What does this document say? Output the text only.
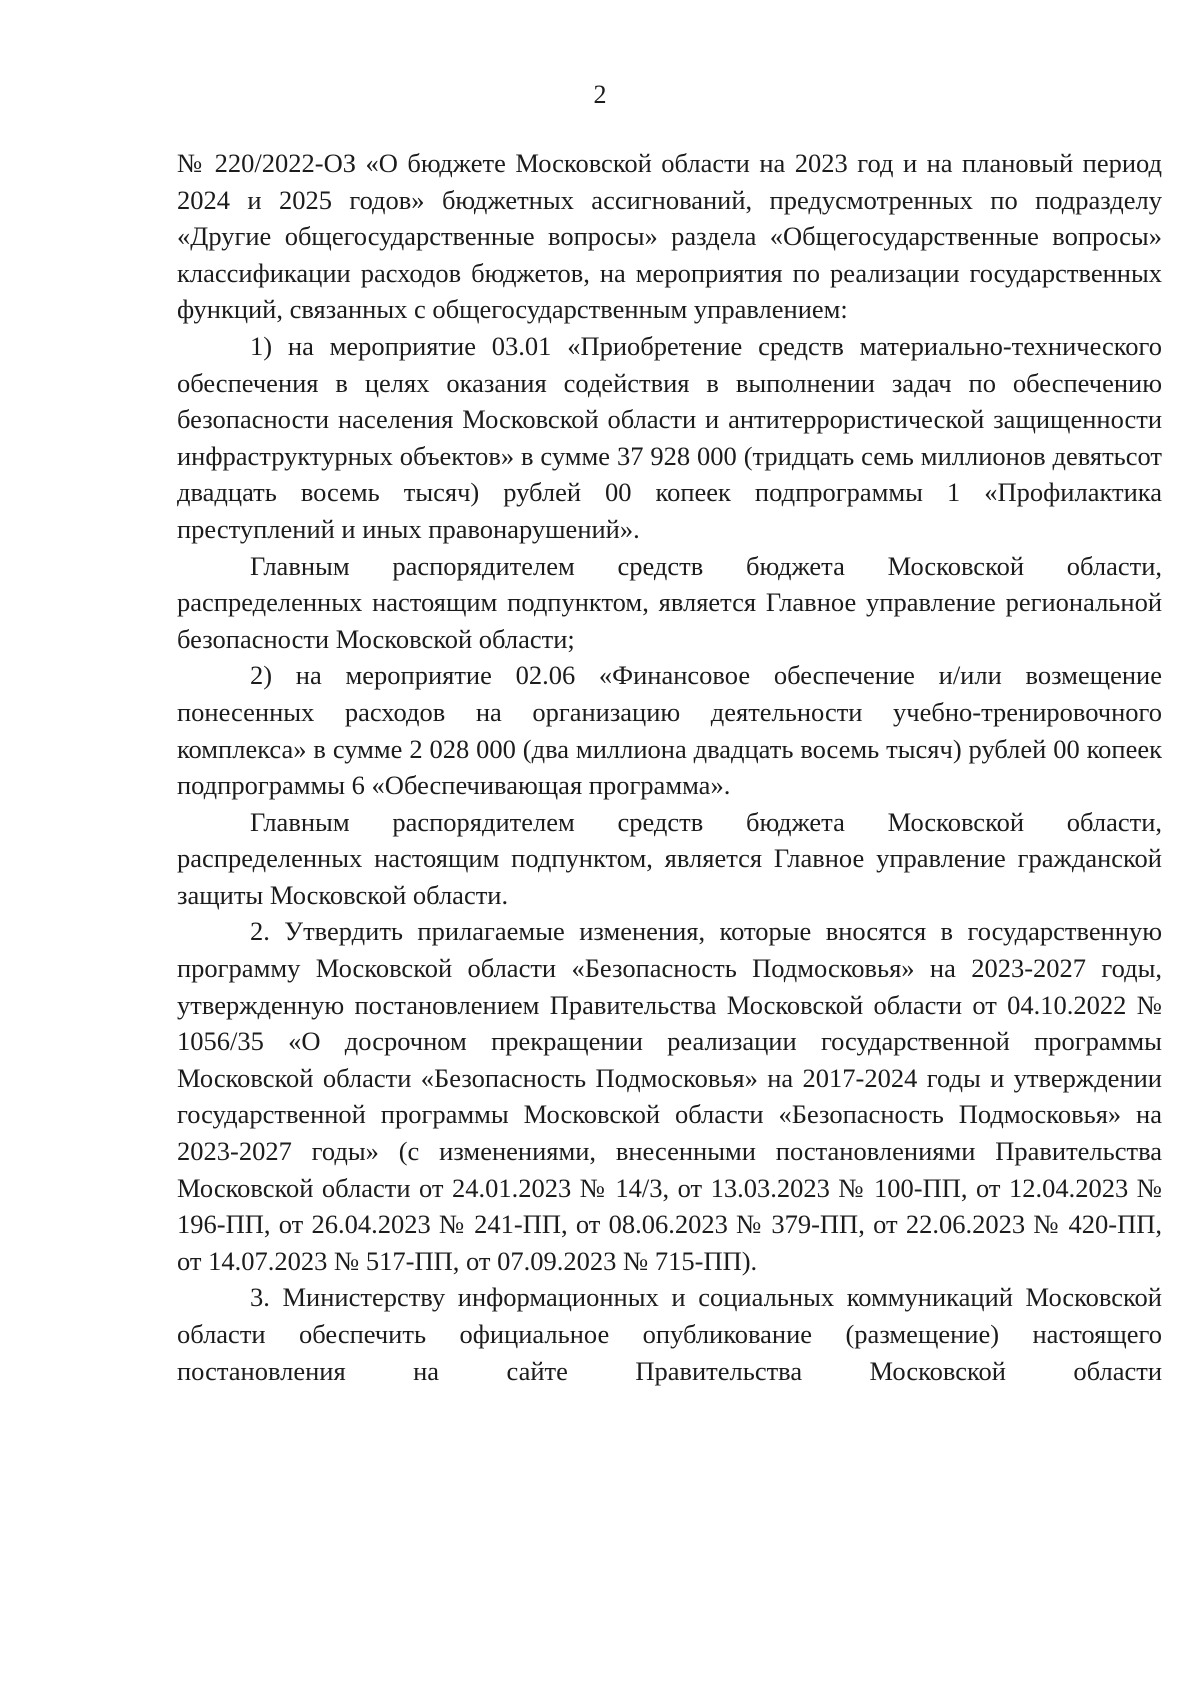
2

№ 220/2022-ОЗ «О бюджете Московской области на 2023 год и на плановый период 2024 и 2025 годов» бюджетных ассигнований, предусмотренных по подразделу «Другие общегосударственные вопросы» раздела «Общегосударственные вопросы» классификации расходов бюджетов, на мероприятия по реализации государственных функций, связанных с общегосударственным управлением:

1) на мероприятие 03.01 «Приобретение средств материально-технического обеспечения в целях оказания содействия в выполнении задач по обеспечению безопасности населения Московской области и антитеррористической защищенности инфраструктурных объектов» в сумме 37 928 000 (тридцать семь миллионов девятьсот двадцать восемь тысяч) рублей 00 копеек подпрограммы 1 «Профилактика преступлений и иных правонарушений».

Главным распорядителем средств бюджета Московской области, распределенных настоящим подпунктом, является Главное управление региональной безопасности Московской области;

2) на мероприятие 02.06 «Финансовое обеспечение и/или возмещение понесенных расходов на организацию деятельности учебно-тренировочного комплекса» в сумме 2 028 000 (два миллиона двадцать восемь тысяч) рублей 00 копеек подпрограммы 6 «Обеспечивающая программа».

Главным распорядителем средств бюджета Московской области, распределенных настоящим подпунктом, является Главное управление гражданской защиты Московской области.

2. Утвердить прилагаемые изменения, которые вносятся в государственную программу Московской области «Безопасность Подмосковья» на 2023-2027 годы, утвержденную постановлением Правительства Московской области от 04.10.2022 № 1056/35 «О досрочном прекращении реализации государственной программы Московской области «Безопасность Подмосковья» на 2017-2024 годы и утверждении государственной программы Московской области «Безопасность Подмосковья» на 2023-2027 годы» (с изменениями, внесенными постановлениями Правительства Московской области от 24.01.2023 № 14/3, от 13.03.2023 № 100-ПП, от 12.04.2023 № 196-ПП, от 26.04.2023 № 241-ПП, от 08.06.2023 № 379-ПП, от 22.06.2023 № 420-ПП, от 14.07.2023 № 517-ПП, от 07.09.2023 № 715-ПП).

3. Министерству информационных и социальных коммуникаций Московской области обеспечить официальное опубликование (размещение) настоящего постановления на сайте Правительства Московской области
